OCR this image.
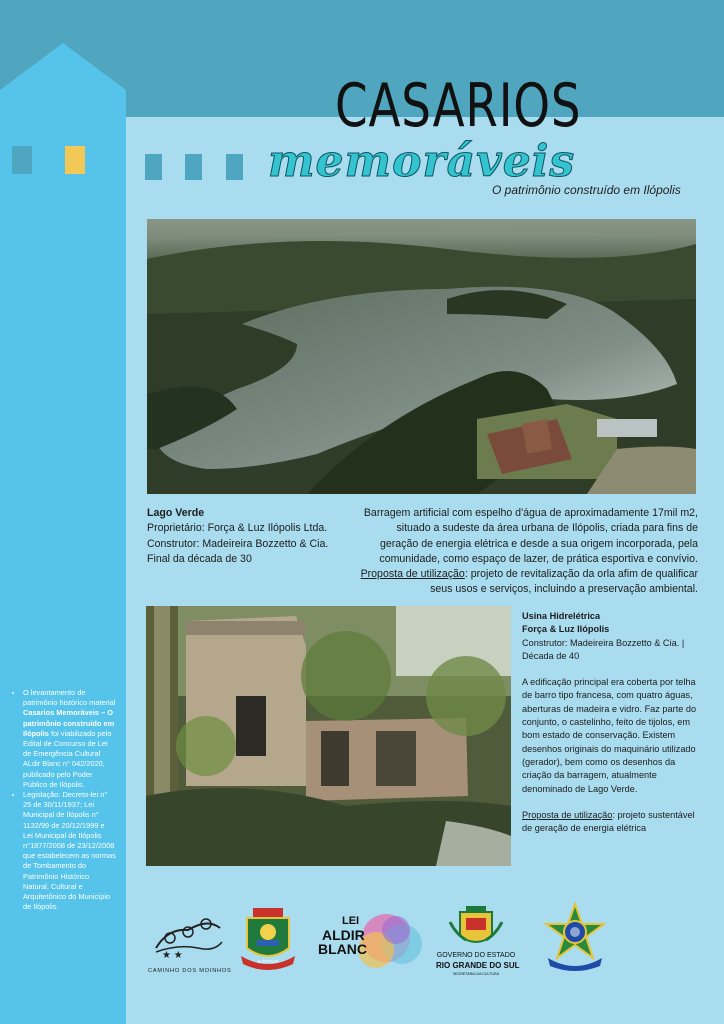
CASARIOS
memoráveis
O patrimônio construído em Ilópolis
Lago Verde
Proprietário: Força & Luz Ilópolis Ltda.
Construtor: Madeireira Bozzetto & Cia.
Final da década de 30
Barragem artificial com espelho d'água de aproximadamente 17mil m2, situado a sudeste da área urbana de Ilópolis, criada para fins de geração de energia elétrica e desde a sua origem incorporada, pela comunidade, como espaço de lazer, de prática esportiva e convívio. Proposta de utilização: projeto de revitalização da orla afim de qualificar seus usos e serviços, incluindo a preservação ambiental.
Usina Hidrelétrica
Força & Luz Ilópolis
Construtor: Madeireira Bozzetto & Cia. | Década de 40
A edificação principal era coberta por telha de barro tipo francesa, com quatro águas, aberturas de madeira e vidro. Faz parte do conjunto, o castelinho, feito de tijolos, em bom estado de conservação. Existem desenhos originais do maquinário utilizado (gerador), bem como os desenhos da criação da barragem, atualmente denominado de Lago Verde.
Proposta de utilização: projeto sustentável de geração de energia elétrica
• O levantamento de patrimônio histórico material Casarios Memoráveis – O patrimônio construído em Ilópolis foi viabilizado pelo Edital de Concurso de Lei de Emergência Cultural ALdir Blanc n° 042/2020, publicado pelo Poder Público de Ilópolis.
• Legislação: Decreto-lei n° 25 de 30/11/1937; Lei Municipal de Ilópolis n° 1132/99 de 20/12/1999 e Lei Municipal de Ilópolis n°1877/2008 de 23/12/2008 que estabelecem as normas de Tombamento do Patrimônio Histórico Natural, Cultural e Arquitetônico do Município de Ilópolis.
★ ★
CAMINHO DOS MOINHOS
ILÓPOLIS
LEI
ALDIR
BLANC	GOVERNO DO ESTADO
RIO GRANDE DO SUL
SECRETARIA DA CULTURA
